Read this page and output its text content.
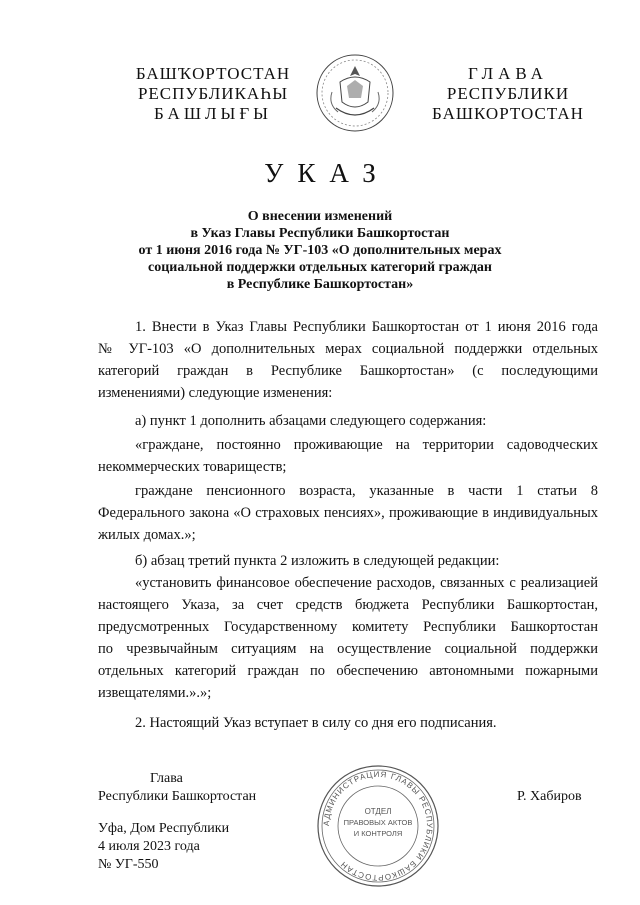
БАШҠОРТОСТАН
РЕСПУБЛИКАҺЫ
БАШЛЫҒЫ
ГЛАВА
РЕСПУБЛИКИ
БАШКОРТОСТАН
УКАЗ
О внесении изменений
в Указ Главы Республики Башкортостан
от 1 июня 2016 года № УГ-103 «О дополнительных мерах
социальной поддержки отдельных категорий граждан
в Республике Башкортостан»
1. Внести в Указ Главы Республики Башкортостан от 1 июня 2016 года
№ УГ-103 «О дополнительных мерах социальной поддержки отдельных
категорий граждан в Республике Башкортостан» (с последующими
изменениями) следующие изменения:
а) пункт 1 дополнить абзацами следующего содержания:
«граждане, постоянно проживающие на территории садоводческих
некоммерческих товариществ;
граждане пенсионного возраста, указанные в части 1 статьи 8
Федерального закона «О страховых пенсиях», проживающие в индивидуальных
жилых домах.»;
б) абзац третий пункта 2 изложить в следующей редакции:
«установить финансовое обеспечение расходов, связанных с реализацией
настоящего Указа, за счет средств бюджета Республики Башкортостан,
предусмотренных Государственному комитету Республики Башкортостан
по чрезвычайным ситуациям на осуществление социальной поддержки
отдельных категорий граждан по обеспечению автономными пожарными
извещателями.».»;
2. Настоящий Указ вступает в силу со дня его подписания.
АДМИНИСТРАЦИЯ ГЛАВЫ РЕСПУБЛИКИ БАШКОРТОСТАН
ОТДЕЛ
ПРАВОВЫХ АКТОВ
И КОНТРОЛЯ
Глава
Республики Башкортостан	Р. Хабиров
Уфа, Дом Республики
4 июля 2023 года
№ УГ-550
